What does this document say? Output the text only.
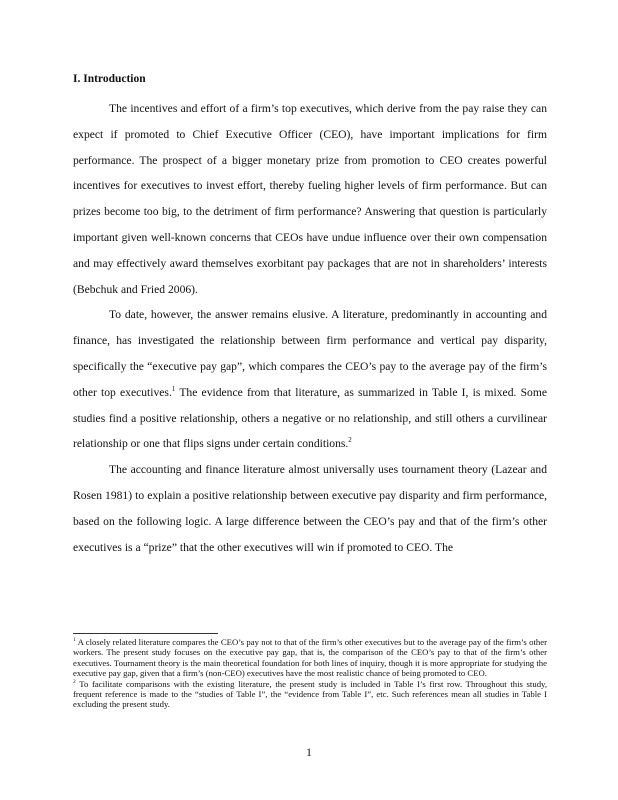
I. Introduction

The incentives and effort of a firm’s top executives, which derive from the pay raise they can expect if promoted to Chief Executive Officer (CEO), have important implications for firm performance. The prospect of a bigger monetary prize from promotion to CEO creates powerful incentives for executives to invest effort, thereby fueling higher levels of firm performance. But can prizes become too big, to the detriment of firm performance? Answering that question is particularly important given well-known concerns that CEOs have undue influence over their own compensation and may effectively award themselves exorbitant pay packages that are not in shareholders’ interests (Bebchuk and Fried 2006).

To date, however, the answer remains elusive. A literature, predominantly in accounting and finance, has investigated the relationship between firm performance and vertical pay disparity, specifically the “executive pay gap”, which compares the CEO’s pay to the average pay of the firm’s other top executives.$^1$ The evidence from that literature, as summarized in Table I, is mixed. Some studies find a positive relationship, others a negative or no relationship, and still others a curvilinear relationship or one that flips signs under certain conditions.$^2$

The accounting and finance literature almost universally uses tournament theory (Lazear and Rosen 1981) to explain a positive relationship between executive pay disparity and firm performance, based on the following logic. A large difference between the CEO’s pay and that of the firm’s other executives is a “prize” that the other executives will win if promoted to CEO. The

$^1$ A closely related literature compares the CEO’s pay not to that of the firm’s other executives but to the average pay of the firm’s other workers. The present study focuses on the executive pay gap, that is, the comparison of the CEO’s pay to that of the firm’s other executives. Tournament theory is the main theoretical foundation for both lines of inquiry, though it is more appropriate for studying the executive pay gap, given that a firm’s (non-CEO) executives have the most realistic chance of being promoted to CEO.

$^2$ To facilitate comparisons with the existing literature, the present study is included in Table I’s first row. Throughout this study, frequent reference is made to the “studies of Table I”, the “evidence from Table I”, etc. Such references mean all studies in Table I excluding the present study.

1
